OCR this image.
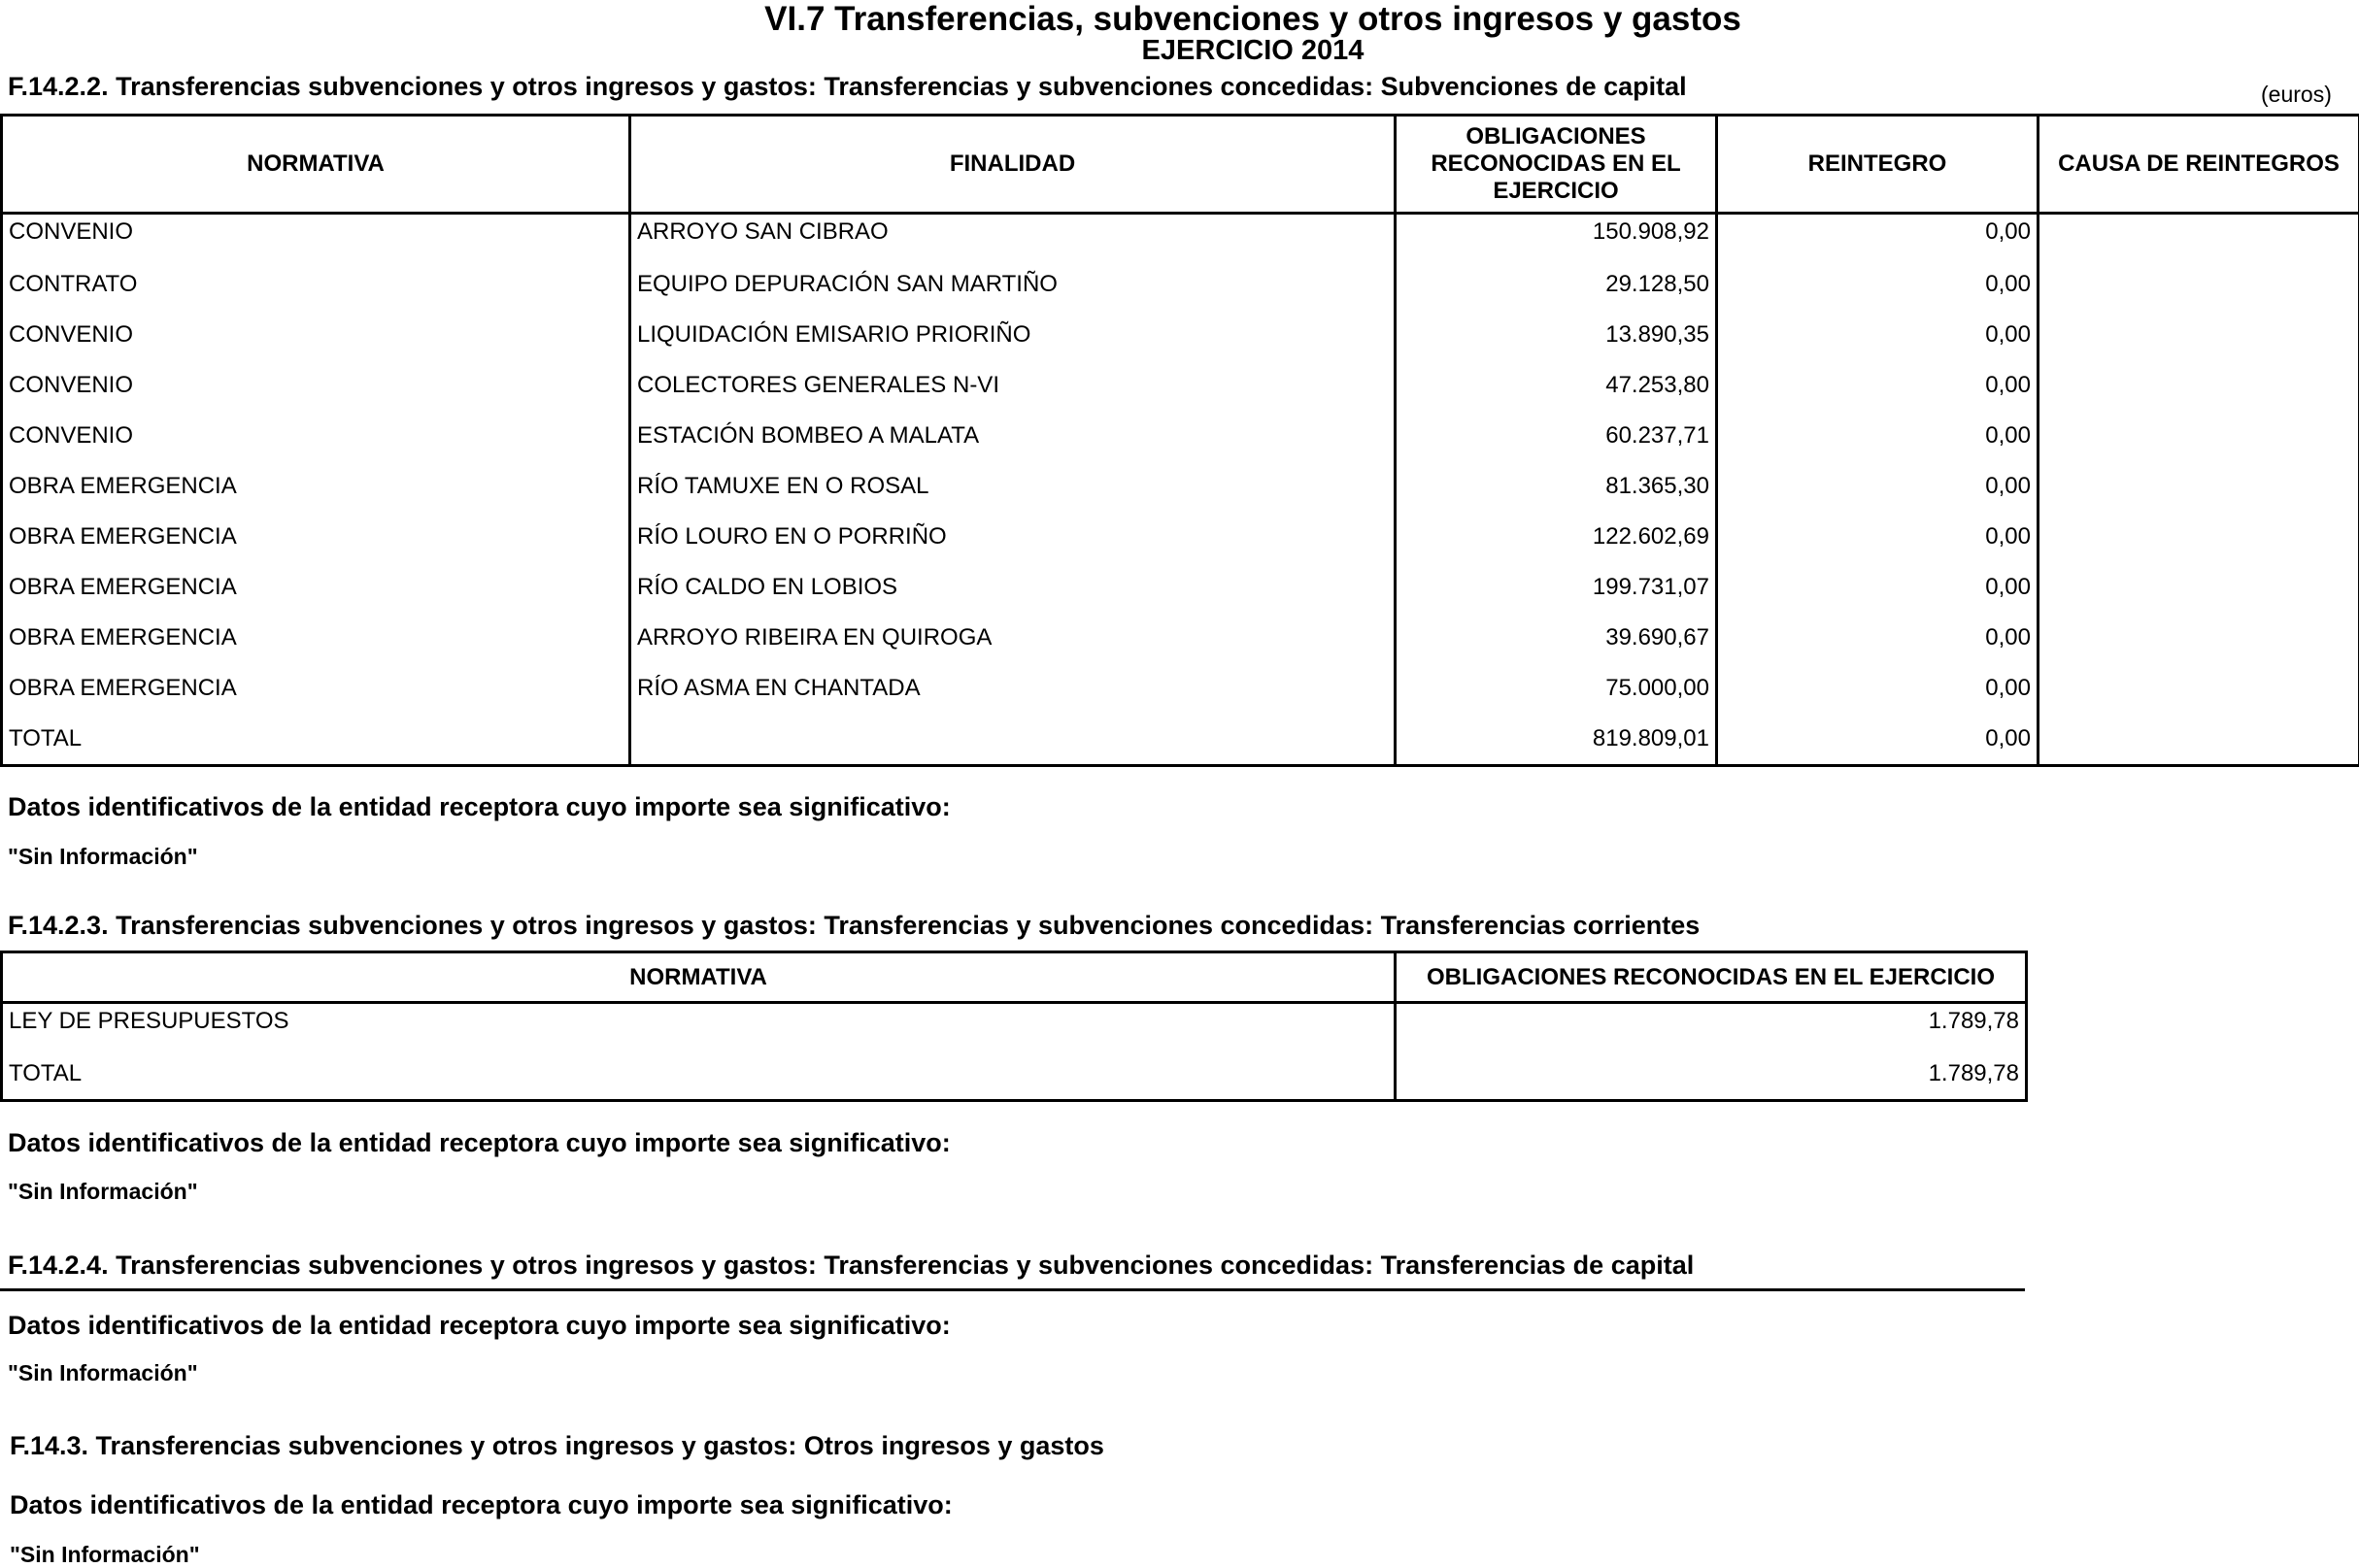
VI.7 Transferencias, subvenciones y otros ingresos y gastos
EJERCICIO 2014
F.14.2.2. Transferencias subvenciones y otros ingresos y gastos: Transferencias y subvenciones concedidas: Subvenciones de capital	(euros)
NORMATIVA	FINALIDAD	OBLIGACIONES RECONOCIDAS EN EL EJERCICIO	REINTEGRO	CAUSA DE REINTEGROS
CONVENIO	ARROYO SAN CIBRAO	150.908,92	0,00	
CONTRATO	EQUIPO DEPURACIÓN SAN MARTIÑO	29.128,50	0,00	
CONVENIO	LIQUIDACIÓN EMISARIO PRIORIÑO	13.890,35	0,00	
CONVENIO	COLECTORES GENERALES N-VI	47.253,80	0,00	
CONVENIO	ESTACIÓN BOMBEO A MALATA	60.237,71	0,00	
OBRA EMERGENCIA	RÍO TAMUXE EN O ROSAL	81.365,30	0,00	
OBRA EMERGENCIA	RÍO LOURO EN O PORRIÑO	122.602,69	0,00	
OBRA EMERGENCIA	RÍO CALDO EN LOBIOS	199.731,07	0,00	
OBRA EMERGENCIA	ARROYO RIBEIRA EN QUIROGA	39.690,67	0,00	
OBRA EMERGENCIA	RÍO ASMA EN CHANTADA	75.000,00	0,00	
TOTAL		819.809,01	0,00	
Datos identificativos de la entidad receptora cuyo importe sea significativo:
"Sin Información"
F.14.2.3. Transferencias subvenciones y otros ingresos y gastos: Transferencias y subvenciones concedidas: Transferencias corrientes
NORMATIVA	OBLIGACIONES RECONOCIDAS EN EL EJERCICIO
LEY DE PRESUPUESTOS	1.789,78
TOTAL	1.789,78
Datos identificativos de la entidad receptora cuyo importe sea significativo:
"Sin Información"
F.14.2.4. Transferencias subvenciones y otros ingresos y gastos: Transferencias y subvenciones concedidas: Transferencias de capital
Datos identificativos de la entidad receptora cuyo importe sea significativo:
"Sin Información"
F.14.3. Transferencias subvenciones y otros ingresos y gastos: Otros ingresos y gastos
Datos identificativos de la entidad receptora cuyo importe sea significativo:
"Sin Información"
